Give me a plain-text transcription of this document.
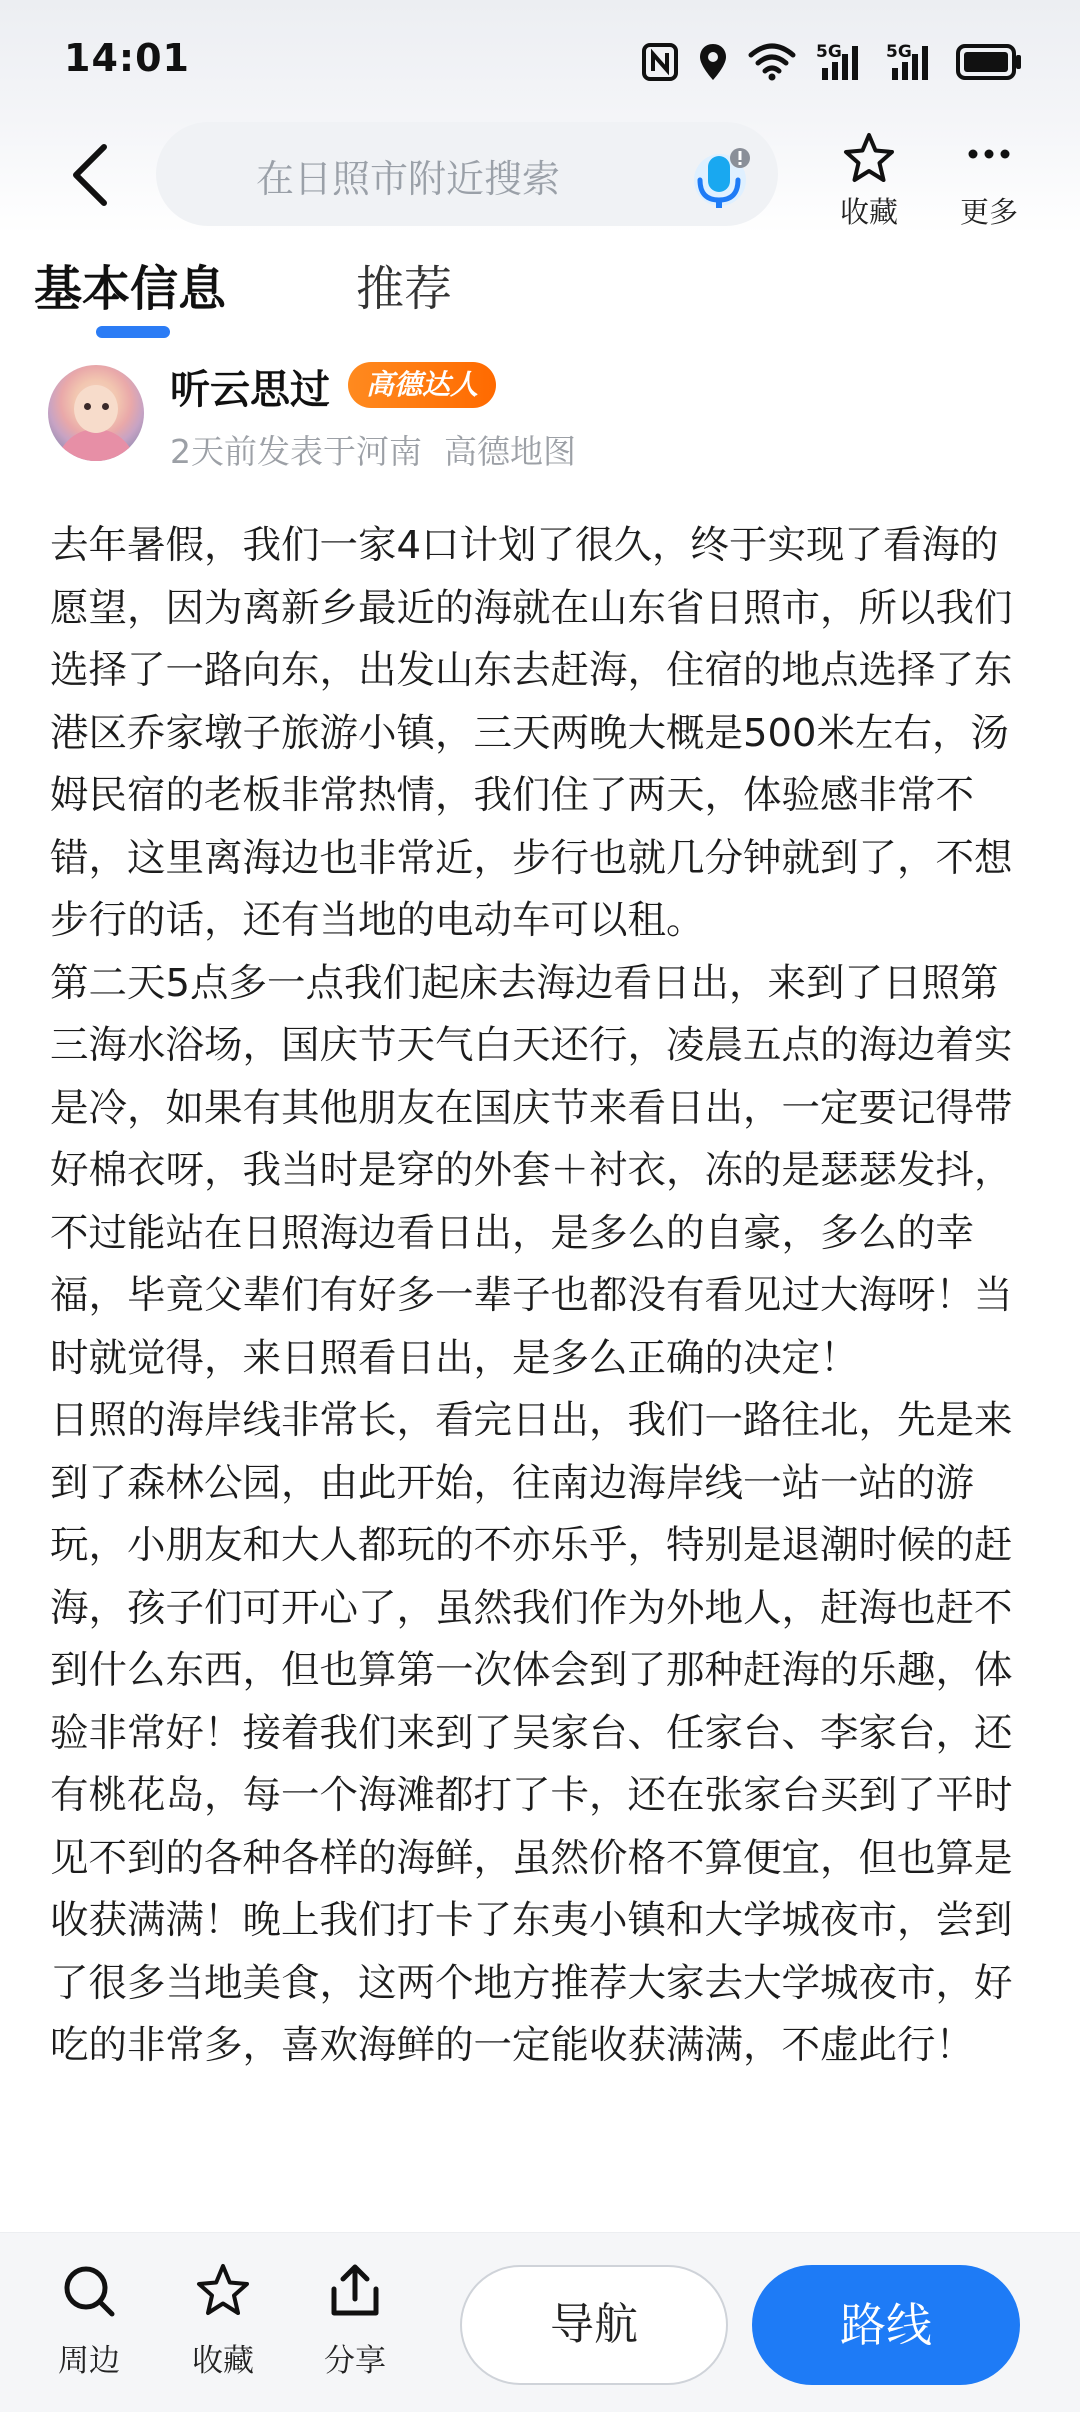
14:01	5G	5G
在日照市附近搜索
收藏	更多
基本信息	推荐
听云思过	高德达人
2天前发表于河南 高德地图

去年暑假，我们一家4口计划了很久，终于实现了看海的愿望，因为离新乡最近的海就在山东省日照市，所以我们选择了一路向东，出发山东去赶海，住宿的地点选择了东港区乔家墩子旅游小镇，三天两晚大概是500米左右，汤姆民宿的老板非常热情，我们住了两天，体验感非常不错，这里离海边也非常近，步行也就几分钟就到了，不想步行的话，还有当地的电动车可以租。

第二天5点多一点我们起床去海边看日出，来到了日照第三海水浴场，国庆节天气白天还行，凌晨五点的海边着实是冷，如果有其他朋友在国庆节来看日出，一定要记得带好棉衣呀，我当时是穿的外套＋衬衣，冻的是瑟瑟发抖，不过能站在日照海边看日出，是多么的自豪，多么的幸福，毕竟父辈们有好多一辈子也都没有看见过大海呀！当时就觉得，来日照看日出，是多么正确的决定！

日照的海岸线非常长，看完日出，我们一路往北，先是来到了森林公园，由此开始，往南边海岸线一站一站的游玩，小朋友和大人都玩的不亦乐乎，特别是退潮时候的赶海，孩子们可开心了，虽然我们作为外地人，赶海也赶不到什么东西，但也算第一次体会到了那种赶海的乐趣，体验非常好！接着我们来到了吴家台、任家台、李家台，还有桃花岛，每一个海滩都打了卡，还在张家台买到了平时见不到的各种各样的海鲜，虽然价格不算便宜，但也算是收获满满！晚上我们打卡了东夷小镇和大学城夜市，尝到了很多当地美食，这两个地方推荐大家去大学城夜市，好吃的非常多，喜欢海鲜的一定能收获满满，不虚此行！

周边	收藏	分享
导航	路线
